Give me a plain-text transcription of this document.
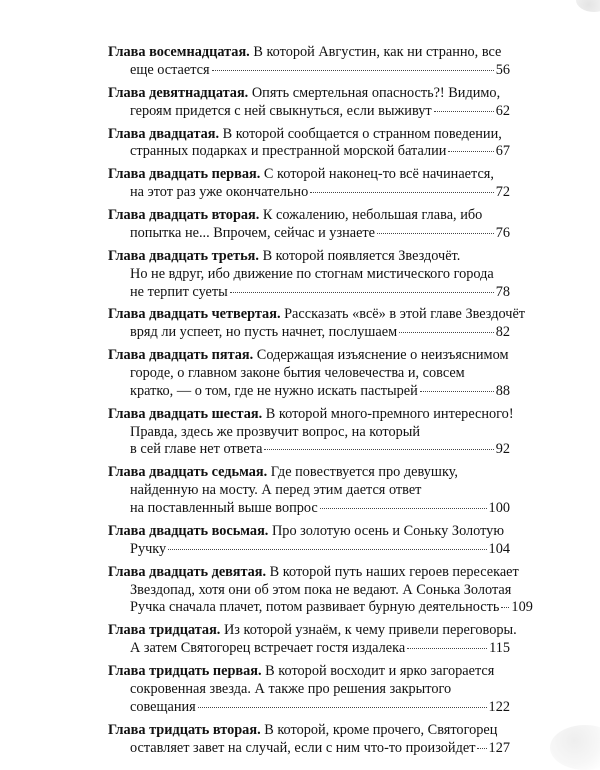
Глава восемнадцатая. В которой Августин, как ни странно, все
еще остается	56
Глава девятнадцатая. Опять смертельная опасность?! Видимо,
героям придется с ней свыкнуться, если выживут	62
Глава двадцатая. В которой сообщается о странном поведении,
странных подарках и престранной морской баталии	67
Глава двадцать первая. С которой наконец-то всё начинается,
на этот раз уже окончательно	72
Глава двадцать вторая. К сожалению, небольшая глава, ибо
попытка не... Впрочем, сейчас и узнаете	76
Глава двадцать третья. В которой появляется Звездочёт.
Но не вдруг, ибо движение по стогнам мистического города
не терпит суеты	78
Глава двадцать четвертая. Рассказать «всё» в этой главе Звездочёт
вряд ли успеет, но пусть начнет, послушаем	82
Глава двадцать пятая. Содержащая изъяснение о неизъяснимом
городе, о главном законе бытия человечества и, совсем
кратко, — о том, где не нужно искать пастырей	88
Глава двадцать шестая. В которой много-премного интересного!
Правда, здесь же прозвучит вопрос, на который
в сей главе нет ответа	92
Глава двадцать седьмая. Где повествуется про девушку,
найденную на мосту. А перед этим дается ответ
на поставленный выше вопрос	100
Глава двадцать восьмая. Про золотую осень и Соньку Золотую
Ручку	104
Глава двадцать девятая. В которой путь наших героев пересекает
Звездопад, хотя они об этом пока не ведают. А Сонька Золотая
Ручка сначала плачет, потом развивает бурную деятельность 109
Глава тридцатая. Из которой узнаём, к чему привели переговоры.
А затем Святогорец встречает гостя издалека	115
Глава тридцать первая. В которой восходит и ярко загорается
сокровенная звезда. А также про решения закрытого
совещания	122
Глава тридцать вторая. В которой, кроме прочего, Святогорец
оставляет завет на случай, если с ним что-то произойдет 127
